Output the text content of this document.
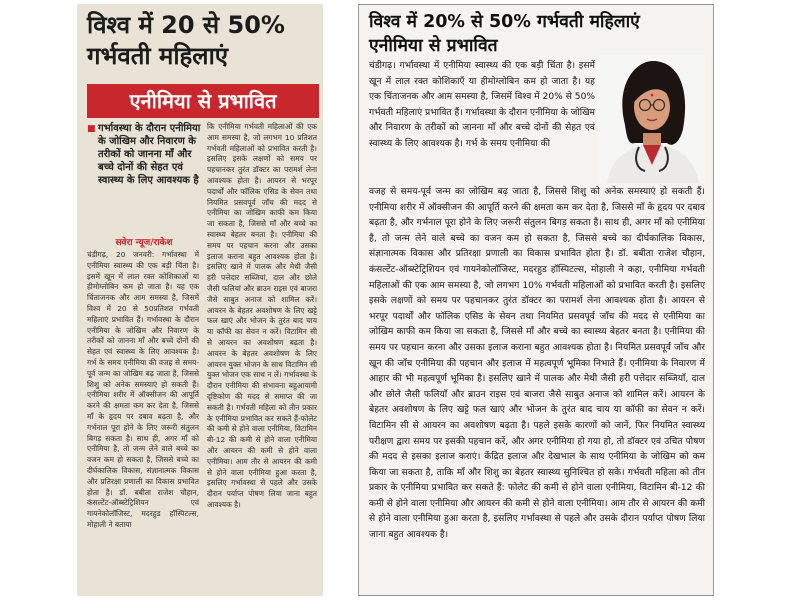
विश्व में 20 से 50%
गर्भवती महिलाएं
एनीमिया से प्रभावित
■ गर्भावस्था के दौरान एनीमिया के जोखिम और निवारण के तरीकों को जानना माँ और बच्चे दोनों की सेहत एवं स्वास्थ्य के लिए आवश्यक है
सवेरा न्यूज/राकेश
चंडीगढ़, 20 जनवरी: गर्भावस्था में एनीमिया स्वास्थ्य की एक बड़ी चिंता है। इसमें खून में लाल रक्त कोशिकाओं या हीमोग्लोबिन कम हो जाता है। यह एक चिंताजनक और आम समस्या है, जिसमें विश्व में 20 से 50प्रतिशत गर्भवती महिलाएं प्रभावित हैं। गर्भावस्था के दौरान एनीमिया के जोखिम और निवारण के तरीकों को जानना माँ और बच्चे दोनों की सेहत एवं स्वास्थ्य के लिए आवश्यक है। गर्भ के समय एनीमिया की वजह से समय-पूर्व जन्म का जोखिम बढ़ जाता है, जिससे शिशु को अनेक समस्याएं हो सकती हैं। एनीमिया शरीर में ऑक्सीजन की आपूर्ति करने की क्षमता कम कर देता है, जिससे माँ के हृदय पर दबाव बढ़ता है, और गर्भनाल पूरा होने के लिए जरूरी संतुलन बिगड़ सकता है। साथ ही, अगर माँ को एनीमिया है, तो जन्म लेने वाले बच्चे का वजन कम हो सकता है, जिससे बच्चे का दीर्घकालिक विकास, संज्ञानात्मक विकास और प्रतिरक्षा प्रणाली का विकास प्रभावित होता है। डॉ. बबीता राजेश चौहान, कंसल्टेंट-ऑब्स्टेट्रिशियन एवं गायनेकोलॉजिस्ट, मदरहुड हॉस्पिटल्स, मोहाली ने बताया
कि एनीमिया गर्भवती महिलाओं की एक आम समस्या है, जो लगभग 10 प्रतिशत गर्भवती महिलाओं को प्रभावित करती है। इसलिए इसके लक्षणों को समय पर पहचानकर तुरंत डॉक्टर का परामर्श लेना आवश्यक होता है। आयरन से भरपूर पदार्थों और फॉलिक एसिड के सेवन तथा नियमित प्रसवपूर्व जाँच की मदद से एनीमिया का जोखिम काफी कम किया जा सकता है, जिससे माँ और बच्चे का स्वास्थ्य बेहतर बनता है। एनीमिया की समय पर पहचान करना और उसका इलाज कराना बहुत आवश्यक होता है। इसलिए खाने में पालक और मेथी जैसी हरी पत्तेदार सब्जियां, दाल और छोले जैसी फलियां और ब्राउन राइस एवं बाजरा जैसे साबुत अनाज को शामिल करें। आयरन के बेहतर अवशोषण के लिए खट्टे फल खाएं और भोजन के तुरंत बाद चाय या कॉफी का सेवन न करें। विटामिन सी से आयरन का अवशोषण बढ़ता है। आयरन के बेहतर अवशोषण के लिए आयरन युक्त भोजन के साथ विटामिन सी युक्त भोजन एक साथ न लें। गर्भावस्था के दौरान एनीमिया की संभावना बहुआयामी दृष्टिकोण की मदद से समाप्त की जा सकती है। गर्भवती महिला को तीन प्रकार के एनीमिया प्रभावित कर सकते हैं-फोलेट की कमी से होने वाला एनीमिया, विटामिन बी-12 की कमी से होने वाला एनीमिया और आयरन की कमी से होने वाला एनीमिया। आम तौर से आयरन की कमी से होने वाला एनीमिया हुआ करता है, इसलिए गर्भावस्था से पहले और उसके दौरान पर्याप्त पोषण लिया जाना बहुत आवश्यक है।
विश्व में 20% से 50% गर्भवती महिलाएं
एनीमिया से प्रभावित
चंडीगढ़। गर्भावस्था में एनीमिया स्वास्थ्य की एक बड़ी चिंता है। इसमें खून में लाल रक्त कोशिकाएँ या हीमोग्लोबिन कम हो जाता है। यह एक चिंताजनक और आम समस्या है, जिसमें विश्व में 20% से 50% गर्भवती महिलाएं प्रभावित हैं। गर्भावस्था के दौरान एनीमिया के जोखिम और निवारण के तरीकों को जानना माँ और बच्चे दोनों की सेहत एवं स्वास्थ्य के लिए आवश्यक है। गर्भ के समय एनीमिया की
वजह से समय-पूर्व जन्म का जोखिम बढ़ जाता है, जिससे शिशु को अनेक समस्याएं हो सकती हैं। एनीमिया शरीर में ऑक्सीजन की आपूर्ति करने की क्षमता कम कर देता है, जिससे माँ के हृदय पर दबाव बढ़ता है, और गर्भनाल पूरा होने के लिए जरूरी संतुलन बिगड़ सकता है। साथ ही, अगर माँ को एनीमिया है, तो जन्म लेने वाले बच्चे का वजन कम हो सकता है, जिससे बच्चे का दीर्घकालिक विकास, संज्ञानात्मक विकास और प्रतिरक्षा प्रणाली का विकास प्रभावित होता है। डॉ. बबीता राजेश चौहान, कंसल्टेंट-ऑब्स्टेट्रिशियन एवं गायनेकोलॉजिस्ट, मदरहुड हॉस्पिटल्स, मोहाली ने कहा, एनीमिया गर्भवती महिलाओं की एक आम समस्या है, जो लगभग 10% गर्भवती महिलाओं को प्रभावित करती है। इसलिए इसके लक्षणों को समय पर पहचानकर तुरंत डॉक्टर का परामर्श लेना आवश्यक होता है। आयरन से भरपूर पदार्थों और फॉलिक एसिड के सेवन तथा नियमित प्रसवपूर्व जाँच की मदद से एनीमिया का जोखिम काफी कम किया जा सकता है, जिससे माँ और बच्चे का स्वास्थ्य बेहतर बनता है। एनीमिया की समय पर पहचान करना और उसका इलाज कराना बहुत आवश्यक होता है। नियमित प्रसवपूर्व जाँच और खून की जाँच एनीमिया की पहचान और इलाज में महत्वपूर्ण भूमिका निभाते हैं। एनीमिया के निवारण में आहार की भी महत्वपूर्ण भूमिका है। इसलिए खाने में पालक और मेथी जैसी हरी पत्तेदार सब्जियाँ, दाल और छोले जैसी फलियाँ और ब्राउन राइस एवं बाजरा जैसे साबुत अनाज को शामिल करें। आयरन के बेहतर अवशोषण के लिए खट्टे फल खाएं और भोजन के तुरंत बाद चाय या कॉफी का सेवन न करें। विटामिन सी से आयरन का अवशोषण बढ़ता है। पहले इसके कारणों को जानें, फिर नियमित स्वास्थ्य परीक्षण द्वारा समय पर इसकी पहचान करें, और अगर एनीमिया हो गया हो, तो डॉक्टर एवं उचित पोषण की मदद से इसका इलाज कराएं। केंद्रित इलाज और देखभाल के साथ एनीमिया के जोखिम को कम किया जा सकता है, ताकि माँ और शिशु का बेहतर स्वास्थ्य सुनिश्चित हो सके। गर्भवती महिला को तीन प्रकार के एनीमिया प्रभावित कर सकते हैं: फोलेट की कमी से होने वाला एनीमिया, विटामिन बी-12 की कमी से होने वाला एनीमिया और आयरन की कमी से होने वाला एनीमिया। आम तौर से आयरन की कमी से होने वाला एनीमिया हुआ करता है, इसलिए गर्भावस्था से पहले और उसके दौरान पर्याप्त पोषण लिया जाना बहुत आवश्यक है।
